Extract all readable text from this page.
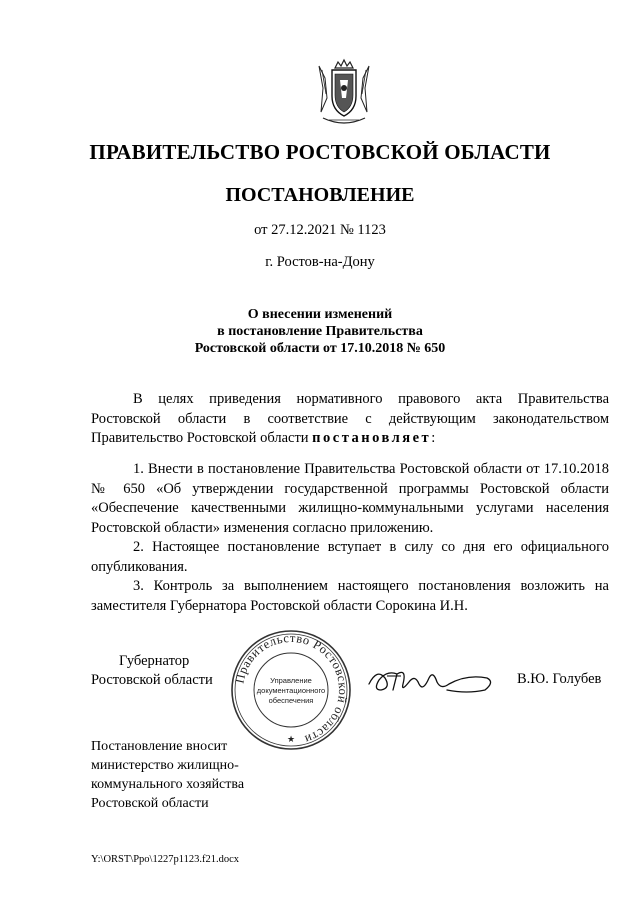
ПРАВИТЕЛЬСТВО РОСТОВСКОЙ ОБЛАСТИ
ПОСТАНОВЛЕНИЕ
от 27.12.2021 № 1123
г. Ростов-на-Дону
О внесении изменений
в постановление Правительства
Ростовской области от 17.10.2018 № 650
В целях приведения нормативного правового акта Правительства Ростовской области в соответствие с действующим законодательством Правительство Ростовской области постановляет:
1. Внести в постановление Правительства Ростовской области от 17.10.2018 № 650 «Об утверждении государственной программы Ростовской области «Обеспечение качественными жилищно-коммунальными услугами населения Ростовской области» изменения согласно приложению.
2. Настоящее постановление вступает в силу со дня его официального опубликования.
3. Контроль за выполнением настоящего постановления возложить на заместителя Губернатора Ростовской области Сорокина И.Н.
Губернатор
Ростовской области Правительство Ростовской области
Управление
документационного
обеспечения
★
В.Ю. Голубев
Постановление вносит
министерство жилищно-
коммунального хозяйства
Ростовской области
Y:\ORST\Ppo\1227p1123.f21.docx
